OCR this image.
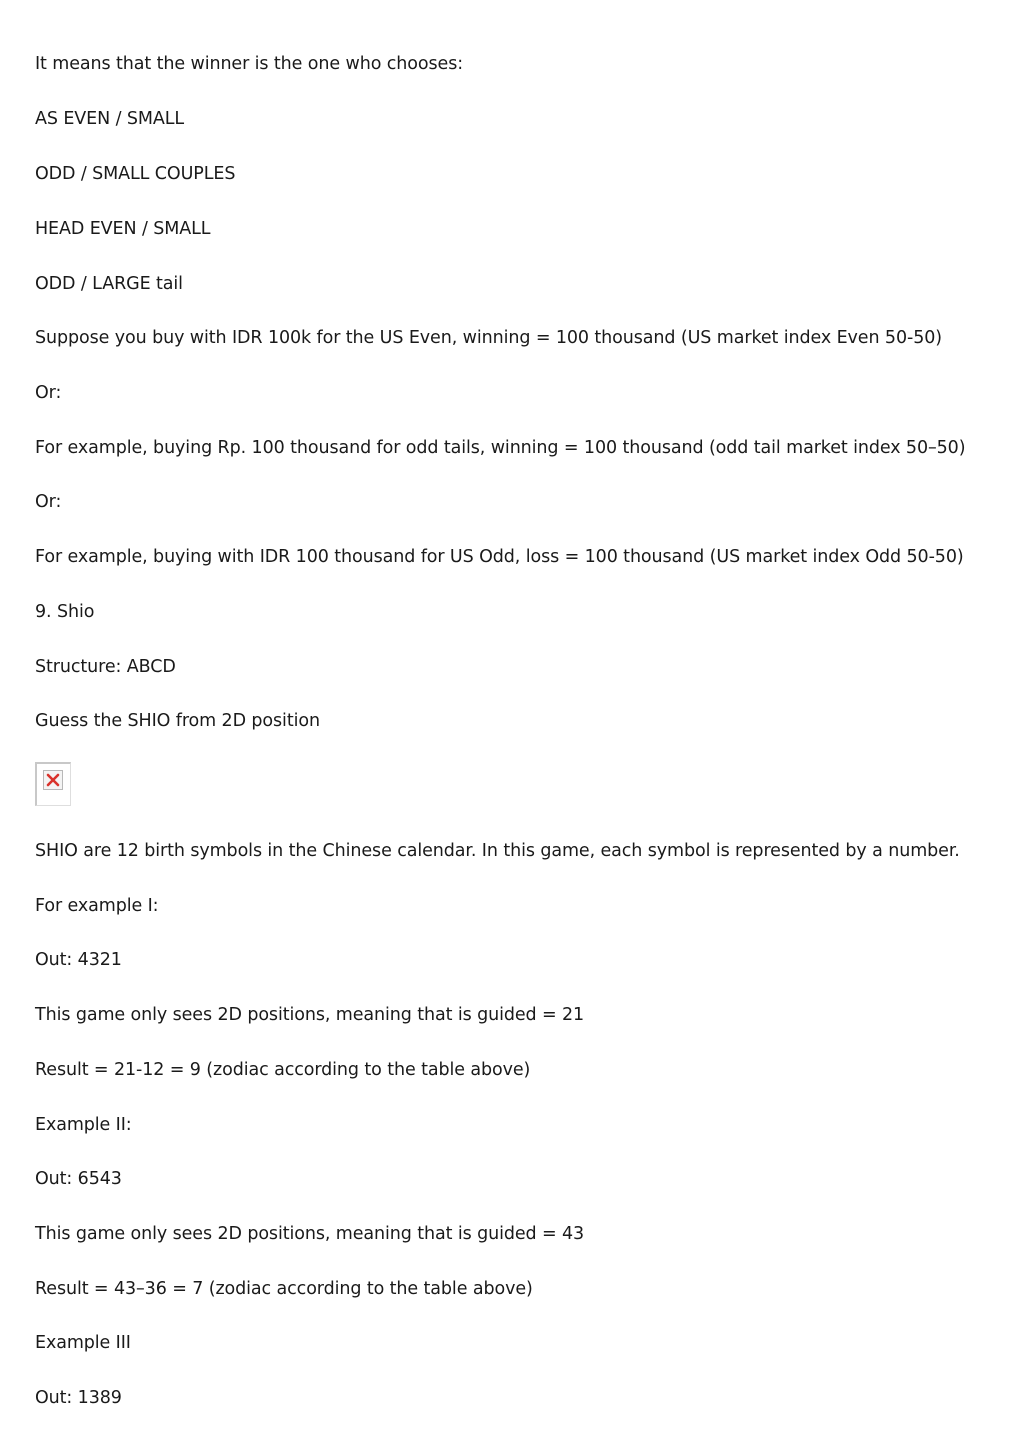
It means that the winner is the one who chooses:
AS EVEN / SMALL
ODD / SMALL COUPLES
HEAD EVEN / SMALL
ODD / LARGE tail
Suppose you buy with IDR 100k for the US Even, winning = 100 thousand (US market index Even 50-50)
Or:
For example, buying Rp. 100 thousand for odd tails, winning = 100 thousand (odd tail market index 50–50)
Or:
For example, buying with IDR 100 thousand for US Odd, loss = 100 thousand (US market index Odd 50-50)
9. Shio
Structure: ABCD
Guess the SHIO from 2D position
SHIO are 12 birth symbols in the Chinese calendar. In this game, each symbol is represented by a number.
For example I:
Out: 4321
This game only sees 2D positions, meaning that is guided = 21
Result = 21-12 = 9 (zodiac according to the table above)
Example II:
Out: 6543
This game only sees 2D positions, meaning that is guided = 43
Result = 43–36 = 7 (zodiac according to the table above)
Example III
Out: 1389
